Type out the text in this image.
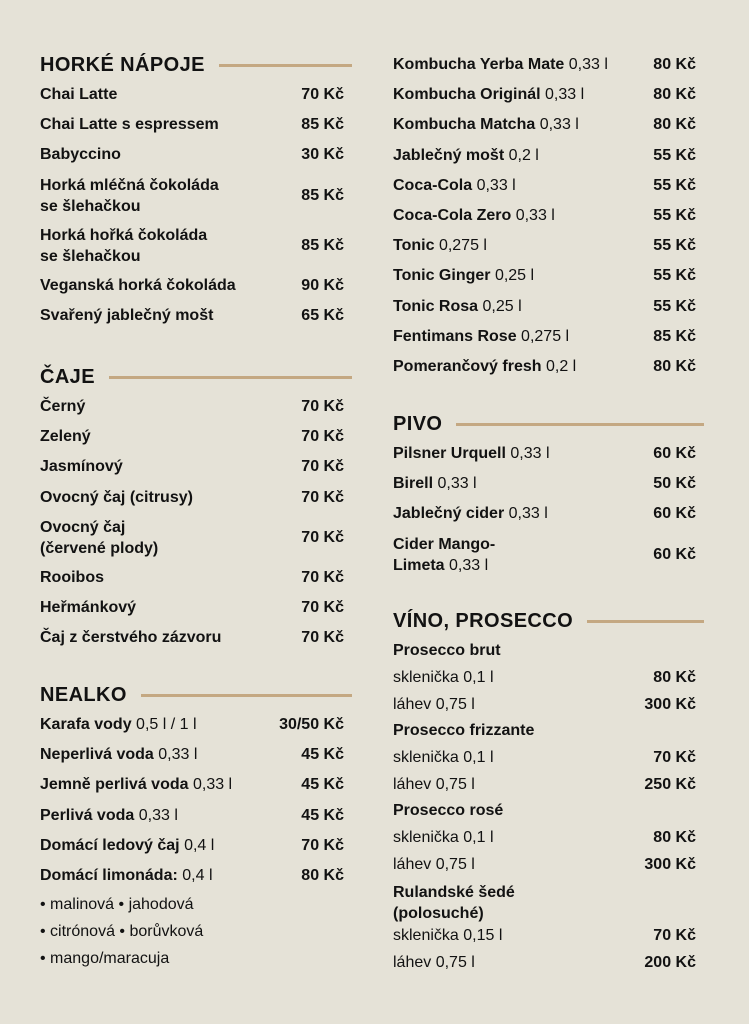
HORKÉ NÁPOJE
Chai Latte	70 Kč
Chai Latte s espressem	85 Kč
Babyccino	30 Kč
Horká mléčná čokoláda
se šlehačkou
85 Kč
Horká hořká čokoláda
se šlehačkou
85 Kč
Veganská horká čokoláda	90 Kč
Svařený jablečný mošt	65 Kč
ČAJE
Černý	70 Kč
Zelený	70 Kč
Jasmínový	70 Kč
Ovocný čaj (citrusy)	70 Kč
Ovocný čaj
(červené plody)
70 Kč
Rooibos	70 Kč
Heřmánkový	70 Kč
Čaj z čerstvého zázvoru	70 Kč
NEALKO
Karafa vody 0,5 l / 1 l	30/50 Kč
Neperlivá voda 0,33 l	45 Kč
Jemně perlivá voda 0,33 l	45 Kč
Perlivá voda 0,33 l	45 Kč
Domácí ledový čaj 0,4 l	70 Kč
Domácí limonáda: 0,4 l	80 Kč
• malinová • jahodová
• citrónová • borůvková
• mango/maracuja
Kombucha Yerba Mate 0,33 l	80 Kč
Kombucha Originál 0,33 l	80 Kč
Kombucha Matcha 0,33 l	80 Kč
Jablečný mošt 0,2 l	55 Kč
Coca-Cola 0,33 l	55 Kč
Coca-Cola Zero 0,33 l	55 Kč
Tonic 0,275 l	55 Kč
Tonic Ginger 0,25 l	55 Kč
Tonic Rosa 0,25 l	55 Kč
Fentimans Rose 0,275 l	85 Kč
Pomerančový fresh 0,2 l	80 Kč
PIVO
Pilsner Urquell 0,33 l	60 Kč
Birell 0,33 l	50 Kč
Jablečný cider 0,33 l	60 Kč
Cider Mango-
Limeta 0,33 l
60 Kč
VÍNO, PROSECCO
Prosecco brut
sklenička 0,1 l	80 Kč
láhev 0,75 l	300 Kč
Prosecco frizzante
sklenička 0,1 l	70 Kč
láhev 0,75 l	250 Kč
Prosecco rosé
sklenička 0,1 l	80 Kč
láhev 0,75 l	300 Kč
Rulandské šedé
(polosuché)
sklenička 0,15 l	70 Kč
láhev 0,75 l	200 Kč
